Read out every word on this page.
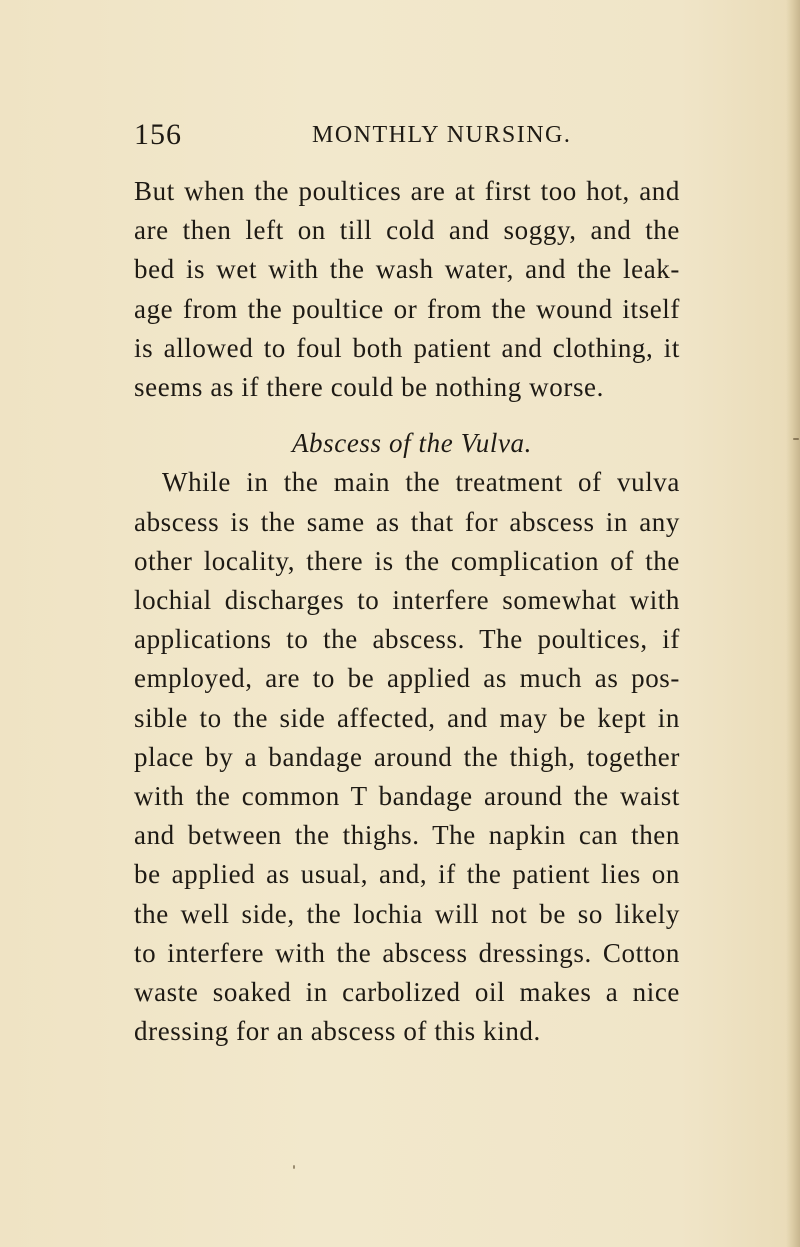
156	MONTHLY NURSING.
But when the poultices are at first too hot, and
are then left on till cold and soggy, and the
bed is wet with the wash water, and the leak-
age from the poultice or from the wound itself
is allowed to foul both patient and clothing, it
seems as if there could be nothing worse.
Abscess of the Vulva.
While in the main the treatment of vulva
abscess is the same as that for abscess in any
other locality, there is the complication of the
lochial discharges to interfere somewhat with
applications to the abscess. The poultices, if
employed, are to be applied as much as pos-
sible to the side affected, and may be kept in
place by a bandage around the thigh, together
with the common T bandage around the waist
and between the thighs. The napkin can then
be applied as usual, and, if the patient lies on
the well side, the lochia will not be so likely
to interfere with the abscess dressings. Cotton
waste soaked in carbolized oil makes a nice
dressing for an abscess of this kind.
